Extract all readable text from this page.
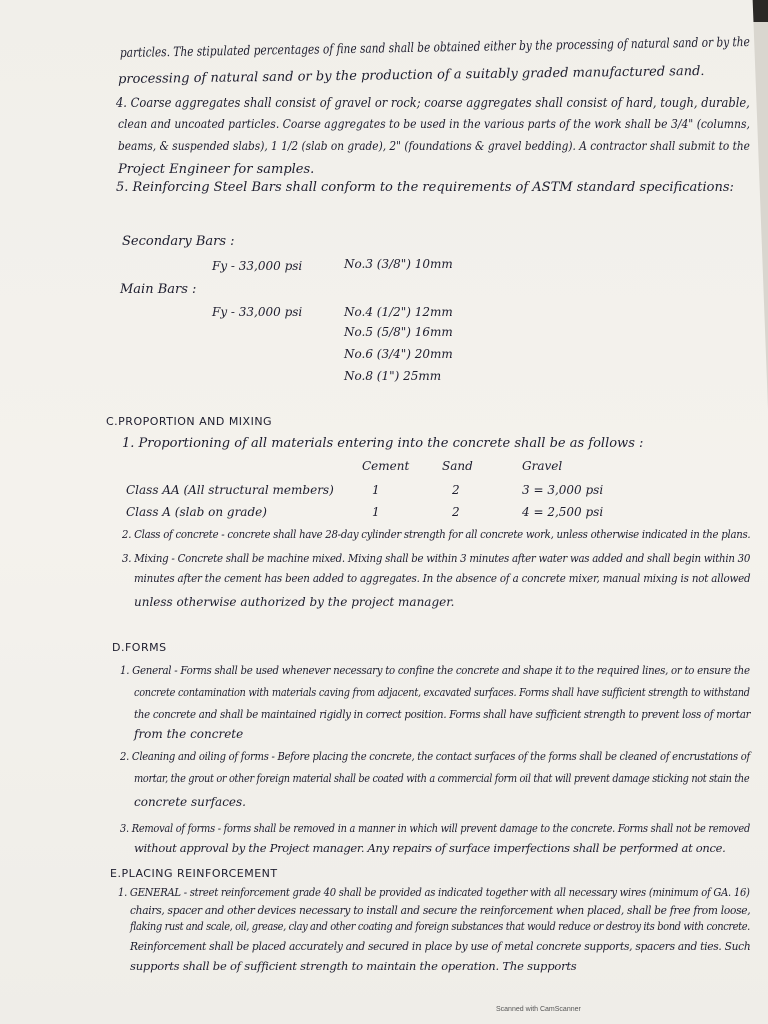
particles. The stipulated percentages of fine sand shall be obtained either by the processing of natural sand or by the
processing of natural sand or by the production of a suitably graded manufactured sand.
4. Coarse aggregates shall consist of gravel or rock; coarse aggregates shall consist of hard, tough, durable,
clean and uncoated particles. Coarse aggregates to be used in the various parts of the work shall be 3/4" (columns,
beams, & suspended slabs), 1 1/2 (slab on grade), 2" (foundations & gravel bedding). A contractor shall submit to the
Project Engineer for samples.
5. Reinforcing Steel Bars shall conform to the requirements of ASTM standard specifications:
Secondary Bars :
Fy - 33,000 psi	No.3 (3/8") 10mm
Main Bars :
Fy - 33,000 psi	No.4 (1/2") 12mm
No.5 (5/8") 16mm
No.6 (3/4") 20mm
No.8 (1") 25mm
C.PROPORTION AND MIXING
1. Proportioning of all materials entering into the concrete shall be as follows :
Cement	Sand	Gravel
Class AA (All structural members)	1	2	3 = 3,000 psi
Class A (slab on grade)	1	2	4 = 2,500 psi
2. Class of concrete - concrete shall have 28-day cylinder strength for all concrete work, unless otherwise indicated in the plans.
3. Mixing - Concrete shall be machine mixed. Mixing shall be within 3 minutes after water was added and shall begin within 30
minutes after the cement has been added to aggregates. In the absence of a concrete mixer, manual mixing is not allowed
unless otherwise authorized by the project manager.
D.FORMS
1. General - Forms shall be used whenever necessary to confine the concrete and shape it to the required lines, or to ensure the
concrete contamination with materials caving from adjacent, excavated surfaces. Forms shall have sufficient strength to withstand
the concrete and shall be maintained rigidly in correct position. Forms shall have sufficient strength to prevent loss of mortar
from the concrete
2. Cleaning and oiling of forms - Before placing the concrete, the contact surfaces of the forms shall be cleaned of encrustations of
mortar, the grout or other foreign material shall be coated with a commercial form oil that will prevent damage sticking not stain the
concrete surfaces.
3. Removal of forms - forms shall be removed in a manner in which will prevent damage to the concrete. Forms shall not be removed
without approval by the Project manager. Any repairs of surface imperfections shall be performed at once.
E.PLACING REINFORCEMENT
1. GENERAL - street reinforcement grade 40 shall be provided as indicated together with all necessary wires (minimum of GA. 16)
chairs, spacer and other devices necessary to install and secure the reinforcement when placed, shall be free from loose,
flaking rust and scale, oil, grease, clay and other coating and foreign substances that would reduce or destroy its bond with concrete.
Reinforcement shall be placed accurately and secured in place by use of metal concrete supports, spacers and ties. Such
supports shall be of sufficient strength to maintain the operation. The supports
Scanned with CamScanner
